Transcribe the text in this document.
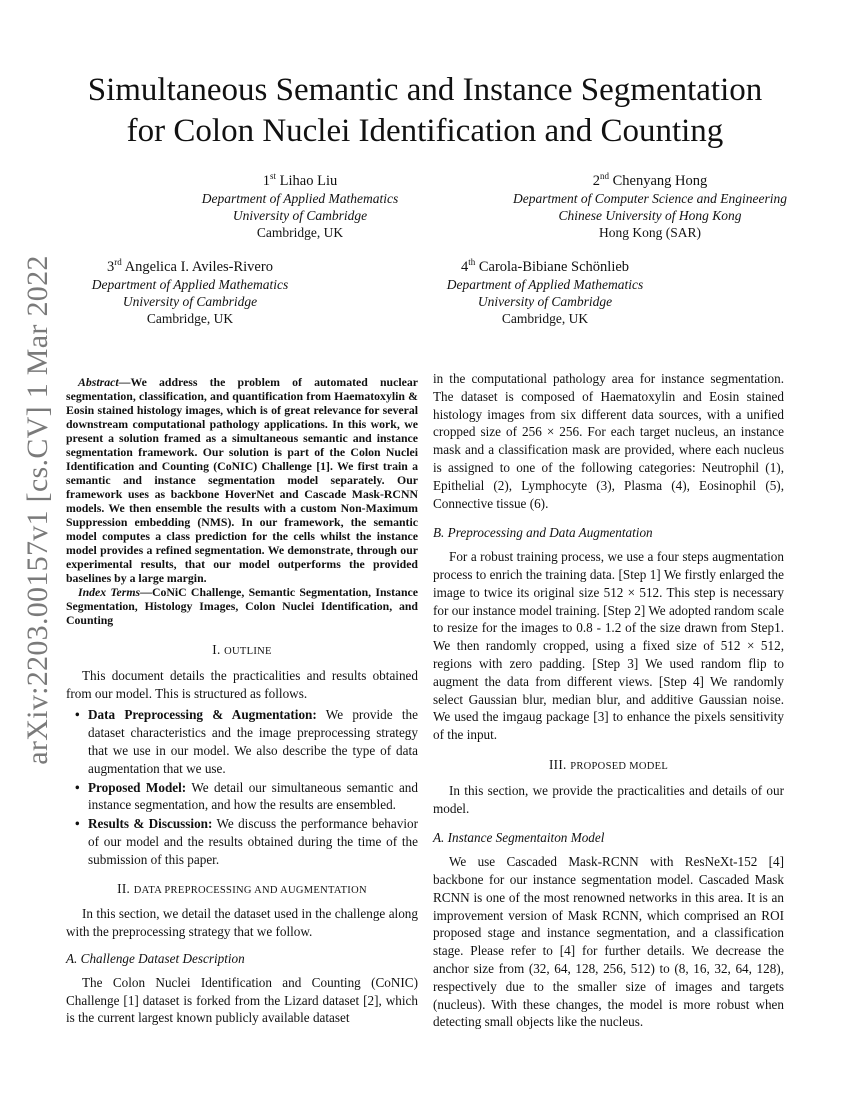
arXiv:2203.00157v1 [cs.CV] 1 Mar 2022
Simultaneous Semantic and Instance Segmentation
for Colon Nuclei Identification and Counting
1st Lihao Liu
Department of Applied Mathematics
University of Cambridge
Cambridge, UK
2nd Chenyang Hong
Department of Computer Science and Engineering
Chinese University of Hong Kong
Hong Kong (SAR)
3rd Angelica I. Aviles-Rivero
Department of Applied Mathematics
University of Cambridge
Cambridge, UK
4th Carola-Bibiane Schönlieb
Department of Applied Mathematics
University of Cambridge
Cambridge, UK

Abstract—We address the problem of automated nuclear segmentation, classification, and quantification from Haematoxylin & Eosin stained histology images, which is of great relevance for several downstream computational pathology applications. In this work, we present a solution framed as a simultaneous semantic and instance segmentation framework. Our solution is part of the Colon Nuclei Identification and Counting (CoNIC) Challenge [1]. We first train a semantic and instance segmentation model separately. Our framework uses as backbone HoverNet and Cascade Mask-RCNN models. We then ensemble the results with a custom Non-Maximum Suppression embedding (NMS). In our framework, the semantic model computes a class prediction for the cells whilst the instance model provides a refined segmentation. We demonstrate, through our experimental results, that our model outperforms the provided baselines by a large margin.

Index Terms—CoNiC Challenge, Semantic Segmentation, Instance Segmentation, Histology Images, Colon Nuclei Identification, and Counting

I. OUTLINE

This document details the practicalities and results obtained from our model. This is structured as follows.

• Data Preprocessing & Augmentation: We provide the dataset characteristics and the image preprocessing strategy that we use in our model. We also describe the type of data augmentation that we use.
• Proposed Model: We detail our simultaneous semantic and instance segmentation, and how the results are ensembled.
• Results & Discussion: We discuss the performance behavior of our model and the results obtained during the time of the submission of this paper.
II. DATA PREPROCESSING AND AUGMENTATION

In this section, we detail the dataset used in the challenge along with the preprocessing strategy that we follow.

A. Challenge Dataset Description

The Colon Nuclei Identification and Counting (CoNIC) Challenge [1] dataset is forked from the Lizard dataset [2], which is the current largest known publicly available dataset

in the computational pathology area for instance segmentation. The dataset is composed of Haematoxylin and Eosin stained histology images from six different data sources, with a unified cropped size of 256 × 256. For each target nucleus, an instance mask and a classification mask are provided, where each nucleus is assigned to one of the following categories: Neutrophil (1), Epithelial (2), Lymphocyte (3), Plasma (4), Eosinophil (5), Connective tissue (6).

B. Preprocessing and Data Augmentation

For a robust training process, we use a four steps augmentation process to enrich the training data. [Step 1] We firstly enlarged the image to twice its original size 512 × 512. This step is necessary for our instance model training. [Step 2] We adopted random scale to resize for the images to 0.8 - 1.2 of the size drawn from Step1. We then randomly cropped, using a fixed size of 512 × 512, regions with zero padding. [Step 3] We used random flip to augment the data from different views. [Step 4] We randomly select Gaussian blur, median blur, and additive Gaussian noise. We used the imgaug package [3] to enhance the pixels sensitivity of the input.

III. PROPOSED MODEL

In this section, we provide the practicalities and details of our model.

A. Instance Segmentaiton Model

We use Cascaded Mask-RCNN with ResNeXt-152 [4] backbone for our instance segmentation model. Cascaded Mask RCNN is one of the most renowned networks in this area. It is an improvement version of Mask RCNN, which comprised an ROI proposed stage and instance segmentation, and a classification stage. Please refer to [4] for further details. We decrease the anchor size from (32, 64, 128, 256, 512) to (8, 16, 32, 64, 128), respectively due to the smaller size of images and targets (nucleus). With these changes, the model is more robust when detecting small objects like the nucleus.
